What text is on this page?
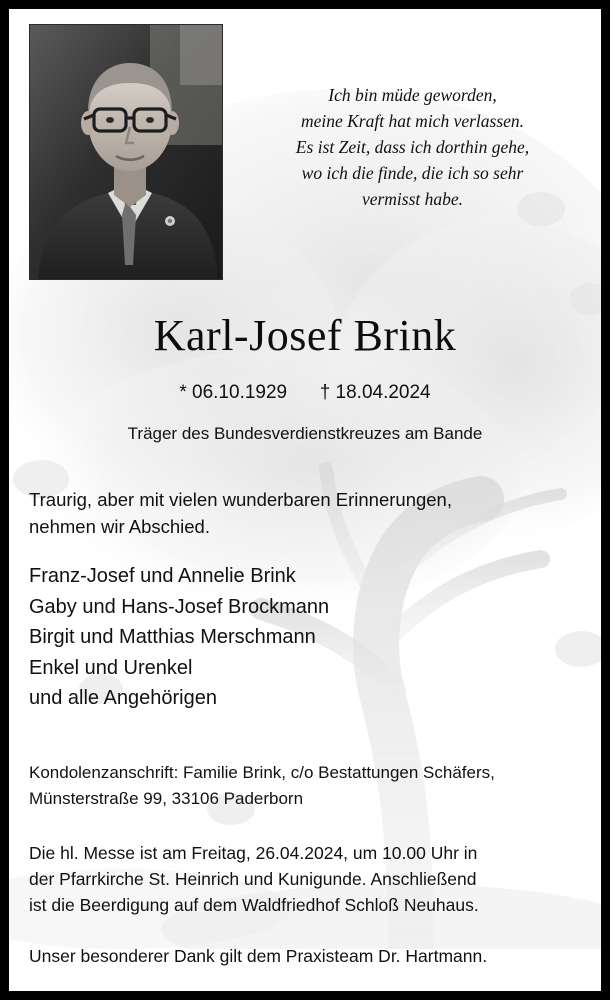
Ich bin müde geworden,
meine Kraft hat mich verlassen.
Es ist Zeit, dass ich dorthin gehe,
wo ich die finde, die ich so sehr
vermisst habe.
Karl-Josef Brink
* 06.10.1929 † 18.04.2024
Träger des Bundesverdienstkreuzes am Bande
Traurig, aber mit vielen wunderbaren Erinnerungen,
nehmen wir Abschied.
Franz-Josef und Annelie Brink
Gaby und Hans-Josef Brockmann
Birgit und Matthias Merschmann
Enkel und Urenkel
und alle Angehörigen
Kondolenzanschrift: Familie Brink, c/o Bestattungen Schäfers,
Münsterstraße 99, 33106 Paderborn
Die hl. Messe ist am Freitag, 26.04.2024, um 10.00 Uhr in
der Pfarrkirche St. Heinrich und Kunigunde. Anschließend
ist die Beerdigung auf dem Waldfriedhof Schloß Neuhaus.
Unser besonderer Dank gilt dem Praxisteam Dr. Hartmann.
